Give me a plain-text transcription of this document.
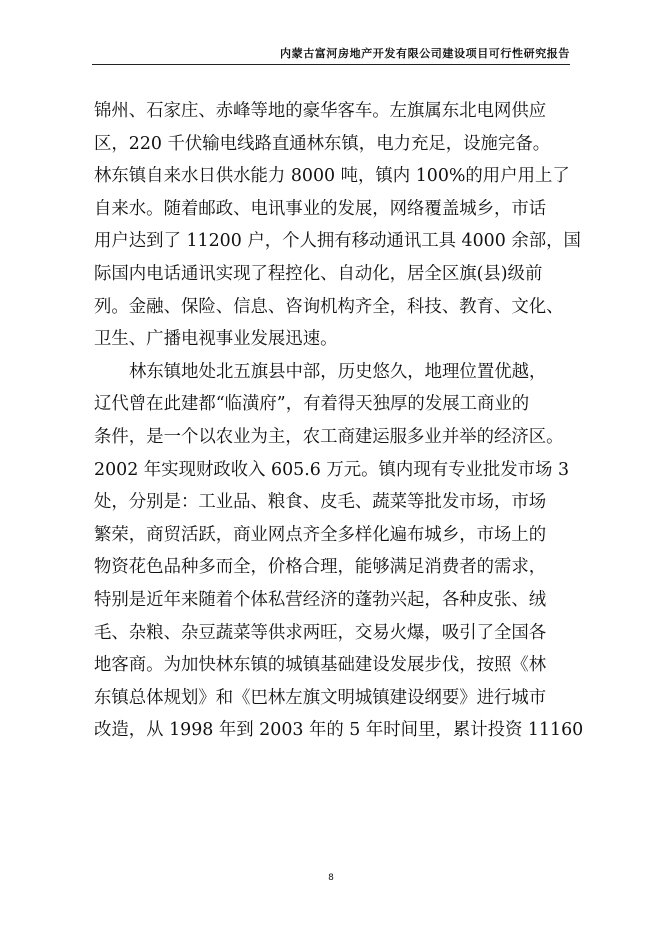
内蒙古富河房地产开发有限公司建设项目可行性研究报告
锦州、石家庄、赤峰等地的豪华客车。左旗属东北电网供应
区，220 千伏输电线路直通林东镇，电力充足，设施完备。
林东镇自来水日供水能力 8000 吨，镇内 100%的用户用上了
自来水。随着邮政、电讯事业的发展，网络覆盖城乡，市话
用户达到了 11200 户，个人拥有移动通讯工具 4000 余部，国
际国内电话通讯实现了程控化、自动化，居全区旗(县)级前
列。金融、保险、信息、咨询机构齐全，科技、教育、文化、
卫生、广播电视事业发展迅速。
林东镇地处北五旗县中部，历史悠久，地理位置优越，
辽代曾在此建都“临潢府”，有着得天独厚的发展工商业的
条件，是一个以农业为主，农工商建运服多业并举的经济区。
2002 年实现财政收入 605.6 万元。镇内现有专业批发市场 3
处，分别是：工业品、粮食、皮毛、蔬菜等批发市场，市场
繁荣，商贸活跃，商业网点齐全多样化遍布城乡，市场上的
物资花色品种多而全，价格合理，能够满足消费者的需求，
特别是近年来随着个体私营经济的蓬勃兴起，各种皮张、绒
毛、杂粮、杂豆蔬菜等供求两旺，交易火爆，吸引了全国各
地客商。为加快林东镇的城镇基础建设发展步伐，按照《林
东镇总体规划》和《巴林左旗文明城镇建设纲要》进行城市
改造，从 1998 年到 2003 年的 5 年时间里，累计投资 11160
8
